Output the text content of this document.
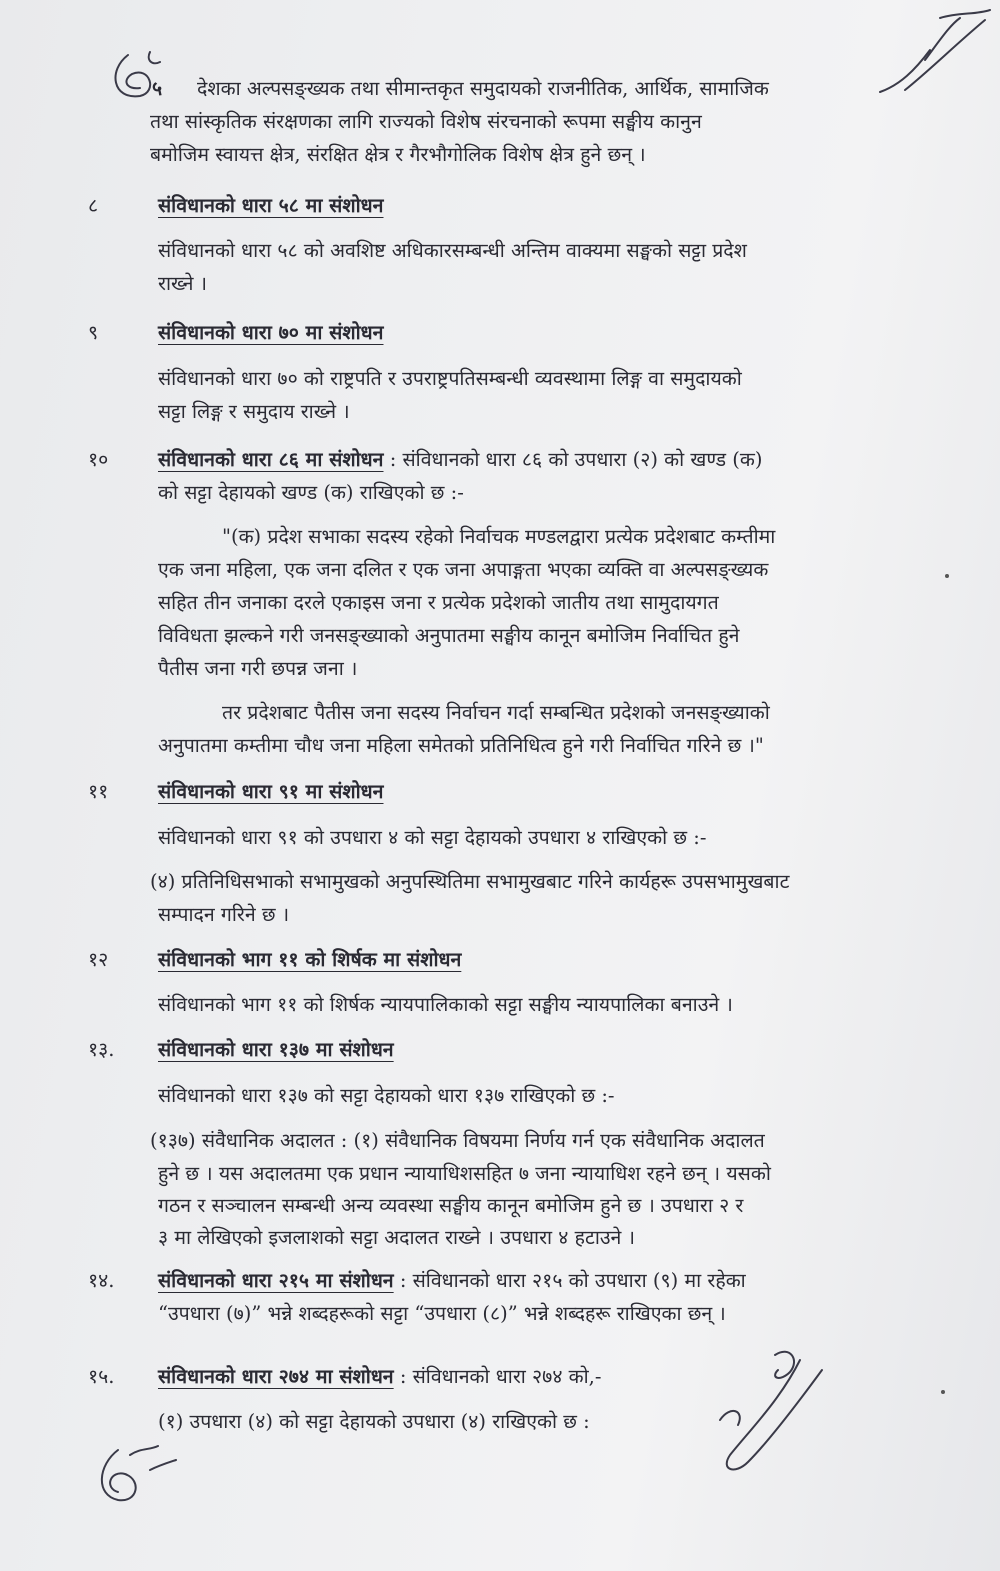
५ देशका अल्पसङ्ख्यक तथा सीमान्तकृत समुदायको राजनीतिक, आर्थिक, सामाजिक
तथा सांस्कृतिक संरक्षणका लागि राज्यको विशेष संरचनाको रूपमा सङ्घीय कानुन
बमोजिम स्वायत्त क्षेत्र, संरक्षित क्षेत्र र गैरभौगोलिक विशेष क्षेत्र हुने छन् ।
८	संविधानको धारा ५८ मा संशोधन
संविधानको धारा ५८ को अवशिष्ट अधिकारसम्बन्धी अन्तिम वाक्यमा सङ्घको सट्टा प्रदेश
राख्ने ।
९	संविधानको धारा ७० मा संशोधन
संविधानको धारा ७० को राष्ट्रपति र उपराष्ट्रपतिसम्बन्धी व्यवस्थामा लिङ्ग वा समुदायको
सट्टा लिङ्ग र समुदाय राख्ने ।
१०	संविधानको धारा ८६ मा संशोधन : संविधानको धारा ८६ को उपधारा (२) को खण्ड (क)
को सट्टा देहायको खण्ड (क) राखिएको छ :-
"(क) प्रदेश सभाका सदस्य रहेको निर्वाचक मण्डलद्वारा प्रत्येक प्रदेशबाट कम्तीमा
एक जना महिला, एक जना दलित र एक जना अपाङ्गता भएका व्यक्ति वा अल्पसङ्ख्यक
सहित तीन जनाका दरले एकाइस जना र प्रत्येक प्रदेशको जातीय तथा सामुदायगत
विविधता झल्कने गरी जनसङ्ख्याको अनुपातमा सङ्घीय कानून बमोजिम निर्वाचित हुने
पैतीस जना गरी छपन्न जना ।
तर प्रदेशबाट पैतीस जना सदस्य निर्वाचन गर्दा सम्बन्धित प्रदेशको जनसङ्ख्याको
अनुपातमा कम्तीमा चौध जना महिला समेतको प्रतिनिधित्व हुने गरी निर्वाचित गरिने छ ।"
११	संविधानको धारा ९१ मा संशोधन
संविधानको धारा ९१ को उपधारा ४ को सट्टा देहायको उपधारा ४ राखिएको छ :-
(४) प्रतिनिधिसभाको सभामुखको अनुपस्थितिमा सभामुखबाट गरिने कार्यहरू उपसभामुखबाट
सम्पादन गरिने छ ।
१२	संविधानको भाग ११ को शिर्षक मा संशोधन
संविधानको भाग ११ को शिर्षक न्यायपालिकाको सट्टा सङ्घीय न्यायपालिका बनाउने ।
१३. संविधानको धारा १३७ मा संशोधन
संविधानको धारा १३७ को सट्टा देहायको धारा १३७ राखिएको छ :-
(१३७) संवैधानिक अदालत : (१) संवैधानिक विषयमा निर्णय गर्न एक संवैधानिक अदालत
हुने छ । यस अदालतमा एक प्रधान न्यायाधिशसहित ७ जना न्यायाधिश रहने छन् । यसको
गठन र सञ्चालन सम्बन्धी अन्य व्यवस्था सङ्घीय कानून बमोजिम हुने छ । उपधारा २ र
३ मा लेखिएको इजलाशको सट्टा अदालत राख्ने । उपधारा ४ हटाउने ।
१४. संविधानको धारा २१५ मा संशोधन : संविधानको धारा २१५ को उपधारा (९) मा रहेका
“उपधारा (७)” भन्ने शब्दहरूको सट्टा “उपधारा (८)” भन्ने शब्दहरू राखिएका छन् ।
१५. संविधानको धारा २७४ मा संशोधन : संविधानको धारा २७४ को,-
(१) उपधारा (४) को सट्टा देहायको उपधारा (४) राखिएको छ :
